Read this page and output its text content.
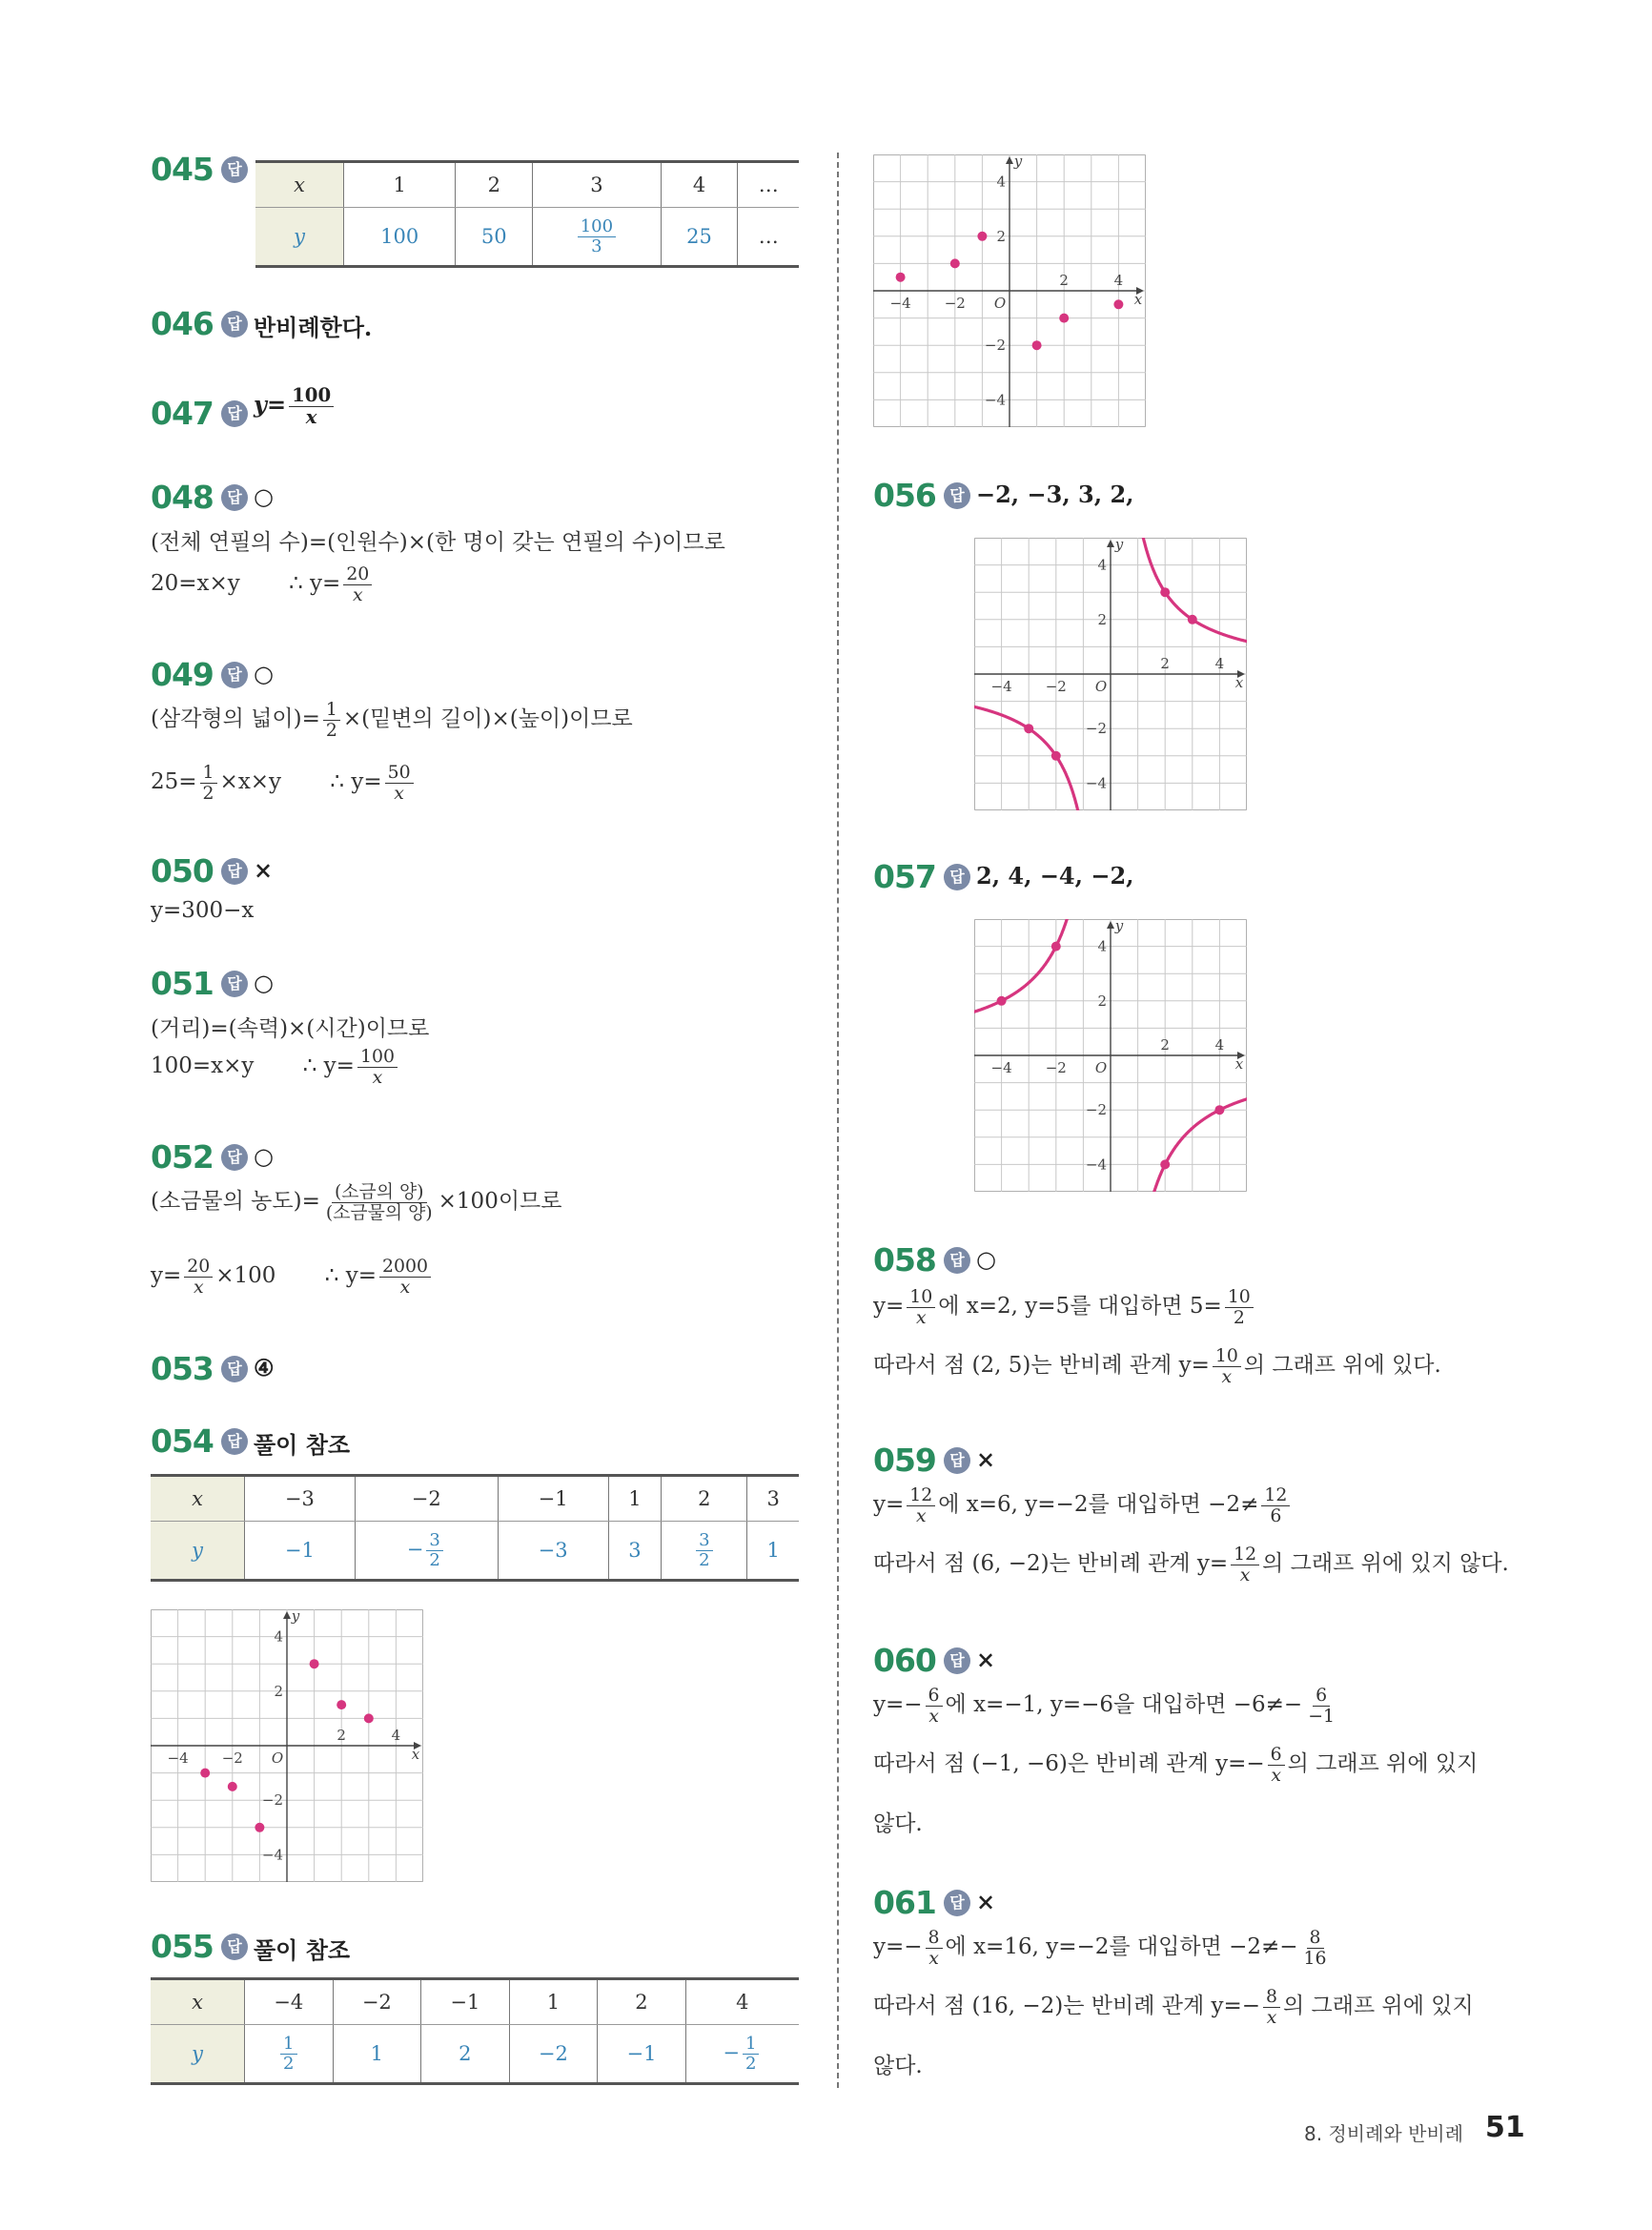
045 답
x	1	2	3	4	…
y	100	50	$\frac{100}{3}$	25	…
046 답 반비례한다.
047 답 $y= \frac{100}{x}$
048 답 ○
(전체 연필의 수)=(인원수)×(한 명이 갖는 연필의 수)이므로
20=x×y ∴ $y= \frac{20}{x}$
049 답 ○
(삼각형의 넓이)= $\frac{1}{2}$ ×(밑변의 길이)×(높이)이므로
$25= \frac{1}{2} \times x\times y$ ∴ $y= \frac{50}{x}$
050 답 ×
y=300−x
051 답 ○
(거리)=(속력)×(시간)이므로
100=x×y ∴ $y= \frac{100}{x}$
052 답 ○
(소금물의 농도)= $\frac{\text{(소금의 양)}}{\text{(소금물의 양)}} \times 100$이므로
$y= \frac{20}{x} \times 100$ ∴ $y= \frac{2000}{x}$
053 답 ④
054 답 풀이 참조
x	−3	−2	−1	1	2	3
y	−1	− $\frac{3}{2}$	−3	3	$\frac{3}{2}$	1
x
y
O
−4 −2
2	4
4
2
−2
−4
055 답 풀이 참조
x	−4	−2	−1	1	2	4
y	$\frac{1}{2}$	1	2	−2	−1	− $\frac{1}{2}$
x
y
O
−4 −2
2	4
4
2
−2
−4
056 답 −2, −3, 3, 2,
x
y
O
−4 −2
2	4
4
2
−2
−4
057 답 2, 4, −4, −2,
x
y
O
−4 −2
2	4
4
2
−2
−4
058 답 ○
$y= \frac{10}{x}$ 에 x=2, y=5를 대입하면 $5= \frac{10}{2}$
따라서 점 (2, 5)는 반비례 관계 $y= \frac{10}{x}$ 의 그래프 위에 있다.
059 답 ×
$y= \frac{12}{x}$ 에 x=6, y=−2를 대입하면 $-2\ne \frac{12}{6}$
따라서 점 (6, −2)는 반비례 관계 $y= \frac{12}{x}$ 의 그래프 위에 있지 않다.
060 답 ×
$y=- \frac{6}{x}$ 에 x=−1, y=−6을 대입하면 $-6\ne- \frac{6}{-1}$
따라서 점 (−1, −6)은 반비례 관계 $y=- \frac{6}{x}$ 의 그래프 위에 있지
않다.
061 답 ×
$y=- \frac{8}{x}$ 에 x=16, y=−2를 대입하면 $-2\ne- \frac{8}{16}$
따라서 점 (16, −2)는 반비례 관계 $y=- \frac{8}{x}$ 의 그래프 위에 있지
않다.
8. 정비례와 반비례 51
